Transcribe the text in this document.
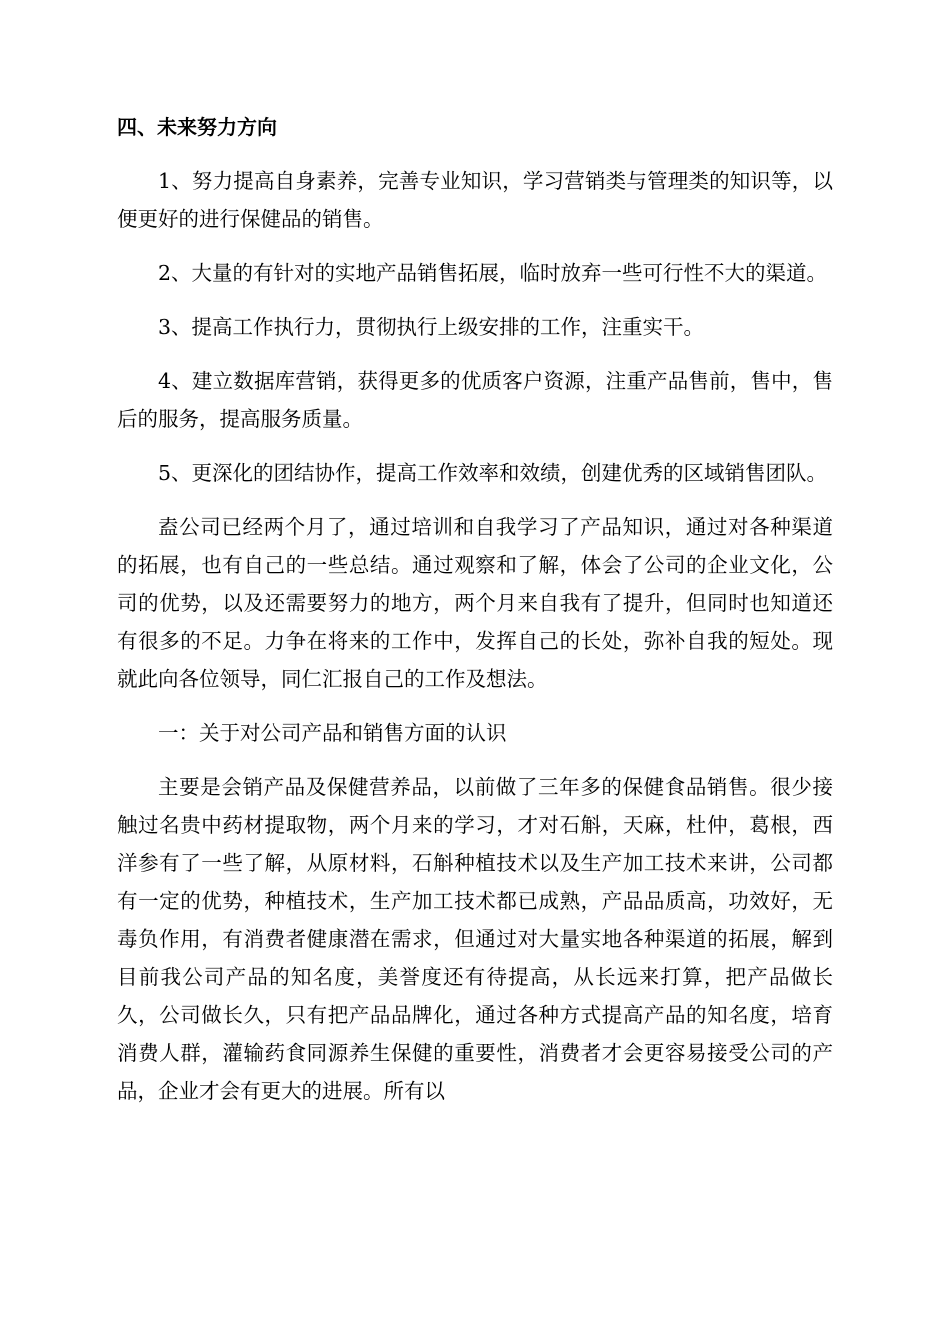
四、未来努力方向

1、努力提高自身素养，完善专业知识，学习营销类与管理类的知识等，以便更好的进行保健品的销售。

2、大量的有针对的实地产品销售拓展，临时放弃一些可行性不大的渠道。

3、提高工作执行力，贯彻执行上级安排的工作，注重实干。

4、建立数据库营销，获得更多的优质客户资源，注重产品售前，售中，售后的服务，提高服务质量。

5、更深化的团结协作，提高工作效率和效绩，创建优秀的区域销售团队。

盍公司已经两个月了，通过培训和自我学习了产品知识，通过对各种渠道的拓展，也有自己的一些总结。通过观察和了解，体会了公司的企业文化，公司的优势，以及还需要努力的地方，两个月来自我有了提升，但同时也知道还有很多的不足。力争在将来的工作中，发挥自己的长处，弥补自我的短处。现就此向各位领导，同仁汇报自己的工作及想法。

一：关于对公司产品和销售方面的认识

主要是会销产品及保健营养品，以前做了三年多的保健食品销售。很少接触过名贵中药材提取物，两个月来的学习，才对石斛，天麻，杜仲，葛根，西洋参有了一些了解，从原材料，石斛种植技术以及生产加工技术来讲，公司都有一定的优势，种植技术，生产加工技术都已成熟，产品品质高，功效好，无毒负作用，有消费者健康潜在需求，但通过对大量实地各种渠道的拓展，解到目前我公司产品的知名度，美誉度还有待提高，从长远来打算，把产品做长久，公司做长久，只有把产品品牌化，通过各种方式提高产品的知名度，培育消费人群，灌输药食同源养生保健的重要性，消费者才会更容易接受公司的产品，企业才会有更大的进展。所有以
